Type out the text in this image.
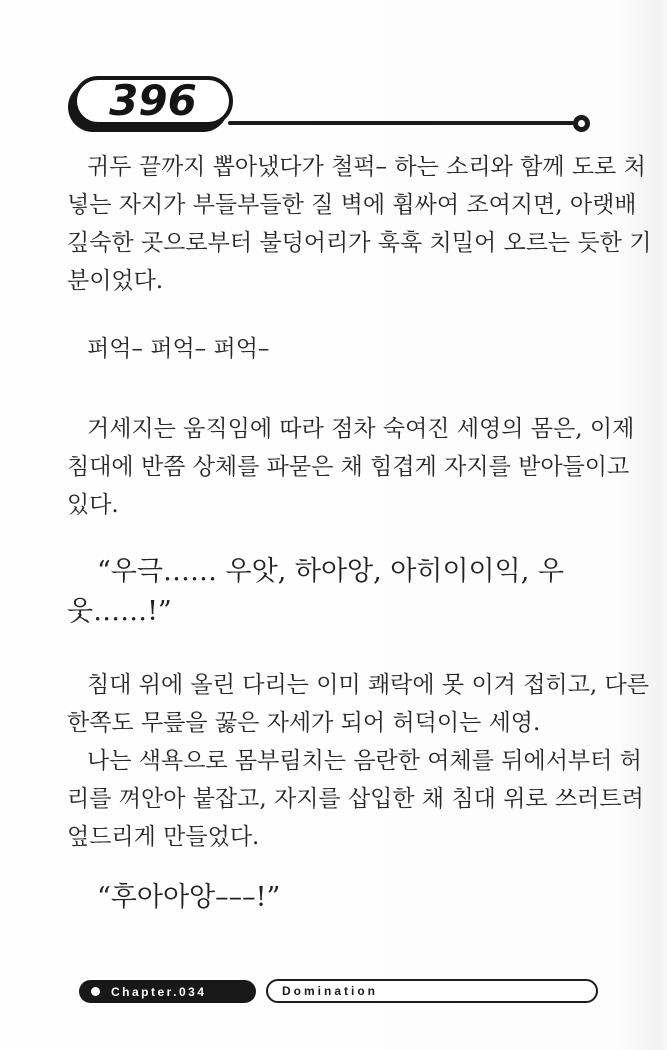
396
귀두 끝까지 뽑아냈다가 철퍽– 하는 소리와 함께 도로 처
넣는 자지가 부들부들한 질 벽에 휩싸여 조여지면, 아랫배
깊숙한 곳으로부터 불덩어리가 훅훅 치밀어 오르는 듯한 기
분이었다.
퍼억– 퍼억– 퍼억–
거세지는 움직임에 따라 점차 숙여진 세영의 몸은, 이제
침대에 반쯤 상체를 파묻은 채 힘겹게 자지를 받아들이고
있다.
“우극…… 우앗, 하아앙, 아히이이익, 우
웃……!”
침대 위에 올린 다리는 이미 쾌락에 못 이겨 접히고, 다른
한쪽도 무릎을 꿇은 자세가 되어 허덕이는 세영.
나는 색욕으로 몸부림치는 음란한 여체를 뒤에서부터 허
리를 껴안아 붙잡고, 자지를 삽입한 채 침대 위로 쓰러트려
엎드리게 만들었다.
“후아아앙–––!”
Chapter.034	Domination
